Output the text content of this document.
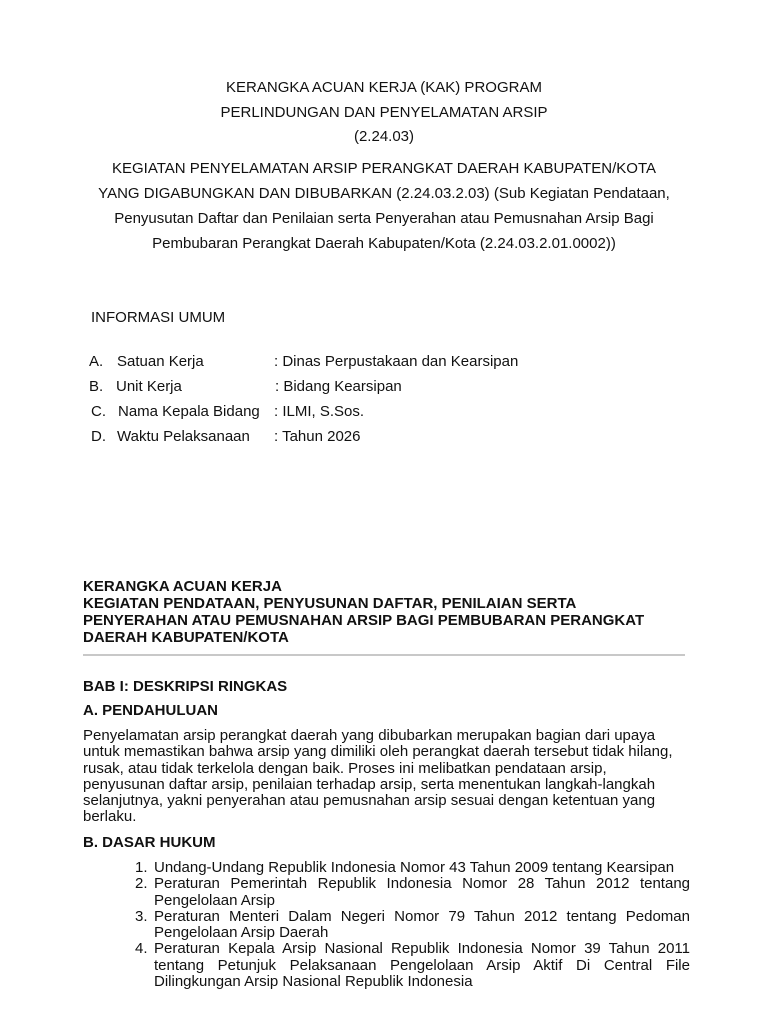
KERANGKA ACUAN KERJA (KAK) PROGRAM
PERLINDUNGAN DAN PENYELAMATAN ARSIP
(2.24.03)
KEGIATAN PENYELAMATAN ARSIP PERANGKAT DAERAH KABUPATEN/KOTA
YANG DIGABUNGKAN DAN DIBUBARKAN (2.24.03.2.03) (Sub Kegiatan Pendataan,
Penyusutan Daftar dan Penilaian serta Penyerahan atau Pemusnahan Arsip Bagi
Pembubaran Perangkat Daerah Kabupaten/Kota (2.24.03.2.01.0002))
INFORMASI UMUM
A. Satuan Kerja	: Dinas Perpustakaan dan Kearsipan
B. Unit Kerja	: Bidang Kearsipan
C. Nama Kepala Bidang : ILMI, S.Sos.
D. Waktu Pelaksanaan : Tahun 2026
KERANGKA ACUAN KERJA
KEGIATAN PENDATAAN, PENYUSUNAN DAFTAR, PENILAIAN SERTA
PENYERAHAN ATAU PEMUSNAHAN ARSIP BAGI PEMBUBARAN PERANGKAT
DAERAH KABUPATEN/KOTA
BAB I: DESKRIPSI RINGKAS
A. PENDAHULUAN
Penyelamatan arsip perangkat daerah yang dibubarkan merupakan bagian dari upaya untuk memastikan bahwa arsip yang dimiliki oleh perangkat daerah tersebut tidak hilang, rusak, atau tidak terkelola dengan baik. Proses ini melibatkan pendataan arsip, penyusunan daftar arsip, penilaian terhadap arsip, serta menentukan langkah-langkah selanjutnya, yakni penyerahan atau pemusnahan arsip sesuai dengan ketentuan yang berlaku.
B. DASAR HUKUM
1. Undang-Undang Republik Indonesia Nomor 43 Tahun 2009 tentang Kearsipan
2. Peraturan Pemerintah Republik Indonesia Nomor 28 Tahun 2012 tentang Pengelolaan Arsip
3. Peraturan Menteri Dalam Negeri Nomor 79 Tahun 2012 tentang Pedoman Pengelolaan Arsip Daerah
4. Peraturan Kepala Arsip Nasional Republik Indonesia Nomor 39 Tahun 2011 tentang Petunjuk Pelaksanaan Pengelolaan Arsip Aktif Di Central File Dilingkungan Arsip Nasional Republik Indonesia
